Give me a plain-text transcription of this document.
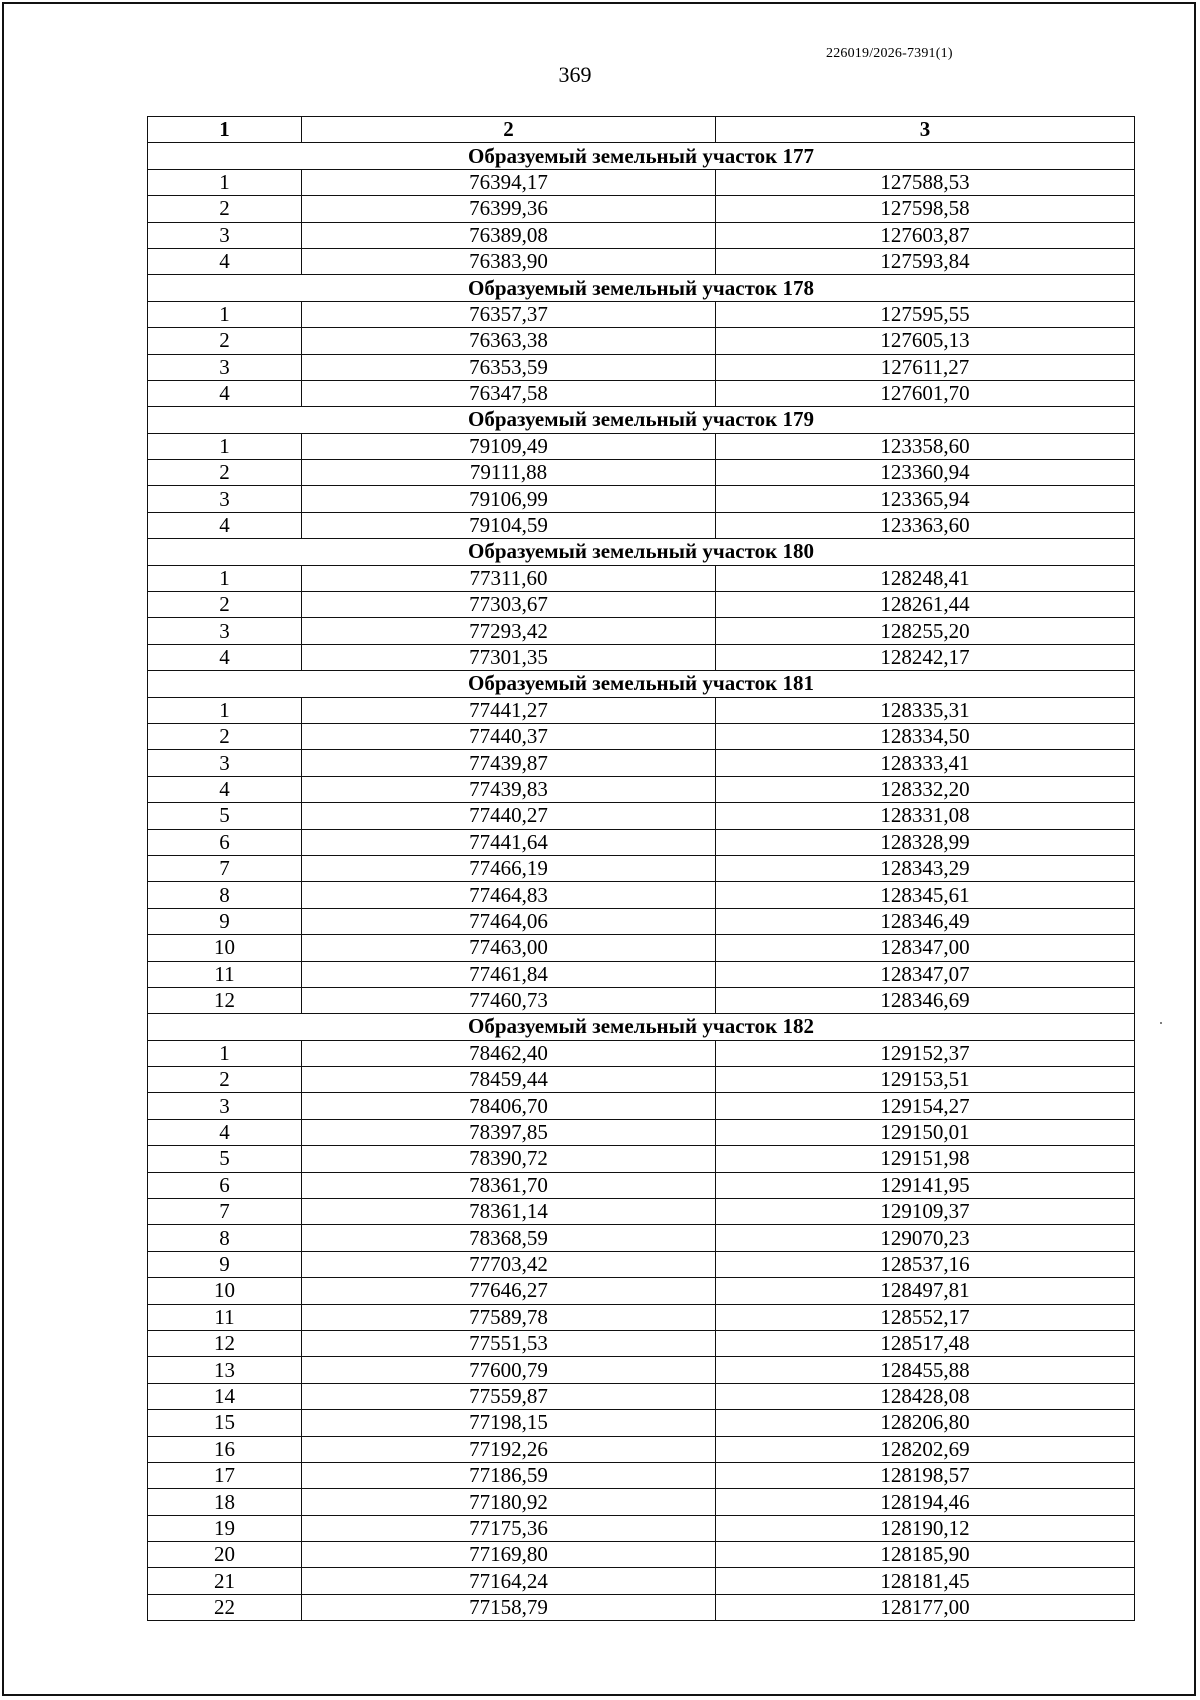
226019/2026-7391(1)
369
1	2	3
Образуемый земельный участок 177		
1	76394,17	127588,53
2	76399,36	127598,58
3	76389,08	127603,87
4	76383,90	127593,84
Образуемый земельный участок 178		
1	76357,37	127595,55
2	76363,38	127605,13
3	76353,59	127611,27
4	76347,58	127601,70
Образуемый земельный участок 179		
1	79109,49	123358,60
2	79111,88	123360,94
3	79106,99	123365,94
4	79104,59	123363,60
Образуемый земельный участок 180		
1	77311,60	128248,41
2	77303,67	128261,44
3	77293,42	128255,20
4	77301,35	128242,17
Образуемый земельный участок 181		
1	77441,27	128335,31
2	77440,37	128334,50
3	77439,87	128333,41
4	77439,83	128332,20
5	77440,27	128331,08
6	77441,64	128328,99
7	77466,19	128343,29
8	77464,83	128345,61
9	77464,06	128346,49
10	77463,00	128347,00
11	77461,84	128347,07
12	77460,73	128346,69
Образуемый земельный участок 182		
1	78462,40	129152,37
2	78459,44	129153,51
3	78406,70	129154,27
4	78397,85	129150,01
5	78390,72	129151,98
6	78361,70	129141,95
7	78361,14	129109,37
8	78368,59	129070,23
9	77703,42	128537,16
10	77646,27	128497,81
11	77589,78	128552,17
12	77551,53	128517,48
13	77600,79	128455,88
14	77559,87	128428,08
15	77198,15	128206,80
16	77192,26	128202,69
17	77186,59	128198,57
18	77180,92	128194,46
19	77175,36	128190,12
20	77169,80	128185,90
21	77164,24	128181,45
22	77158,79	128177,00
